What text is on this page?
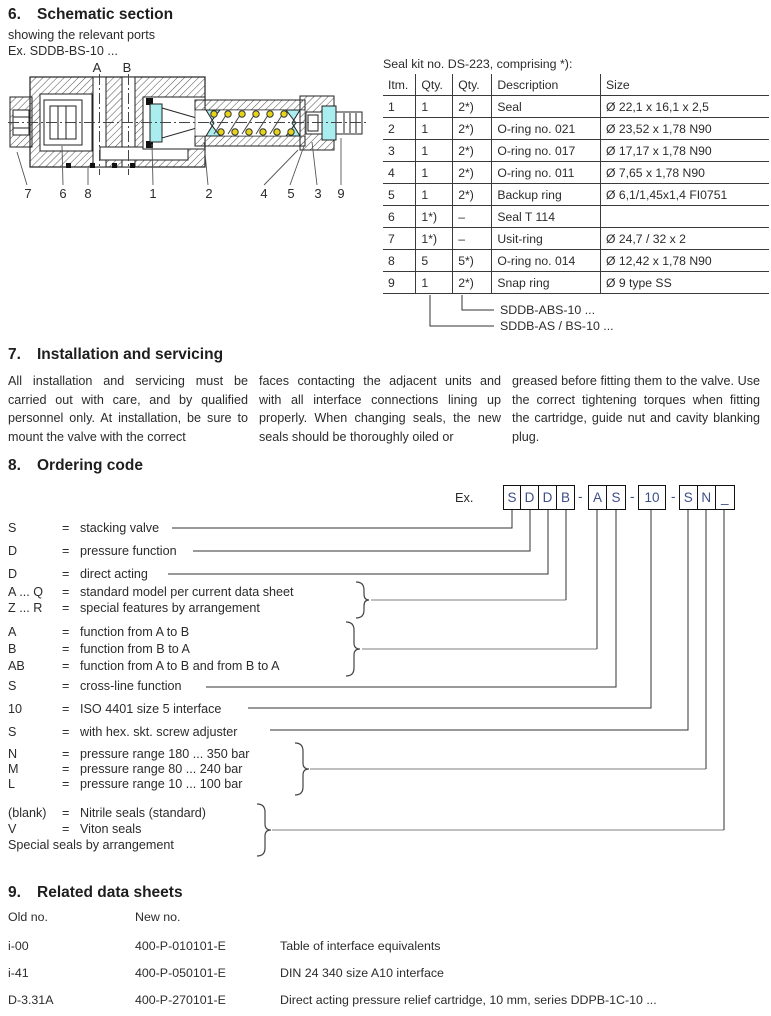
6.	Schematic section
showing the relevant ports
Ex. SDDB-BS-10 ...
A B
7 6 8	1	2	4 5 3 9
Seal kit no. DS-223, comprising *):
Itm.	Qty.	Qty.	Description	Size
1	1	2*)	Seal	Ø 22,1 x 16,1 x 2,5
2	1	2*)	O-ring no. 021	Ø 23,52 x 1,78 N90
3	1	2*)	O-ring no. 017	Ø 17,17 x 1,78 N90
4	1	2*)	O-ring no. 011	Ø 7,65 x 1,78 N90
5	1	2*)	Backup ring	Ø 6,1/1,45x1,4 FI0751
6	1*)	–	Seal T 114	
7	1*)	–	Usit-ring	Ø 24,7 / 32 x 2
8	5	5*)	O-ring no. 014	Ø 12,42 x 1,78 N90
9	1	2*)	Snap ring	Ø 9 type SS
SDDB-ABS-10 ...
SDDB-AS / BS-10 ...
7.	Installation and servicing
All installation and servicing must be carried out with care, and by qualified personnel only. At installation, be sure to mount the valve with the correct
faces contacting the adjacent units and with all interface connections lining up properly. When changing seals, the new seals should be thoroughly oiled or
greased before fitting them to the valve. Use the correct tightening torques when fitting the cartridge, guide nut and cavity blanking plug.
8.	Ordering code
Ex.	S D D B - A S - 10 - S N _
S	= stacking valve
D	= pressure function
D	= direct acting
A ... Q = standard model per current data sheet
Z ... R = special features by arrangement
A	= function from A to B
B	= function from B to A
AB	= function from A to B and from B to A
S	= cross-line function
10	= ISO 4401 size 5 interface
S	= with hex. skt. screw adjuster
N	= pressure range 180 ... 350 bar
M	= pressure range 80 ... 240 bar
L	= pressure range 10 ... 100 bar
(blank) = Nitrile seals (standard)
V	= Viton seals
Special seals by arrangement
9.	Related data sheets
Old no.	New no.
i-00	400-P-010101-E	Table of interface equivalents
i-41	400-P-050101-E	DIN 24 340 size A10 interface
D-3.31A	400-P-270101-E	Direct acting pressure relief cartridge, 10 mm, series DDPB-1C-10 ...
